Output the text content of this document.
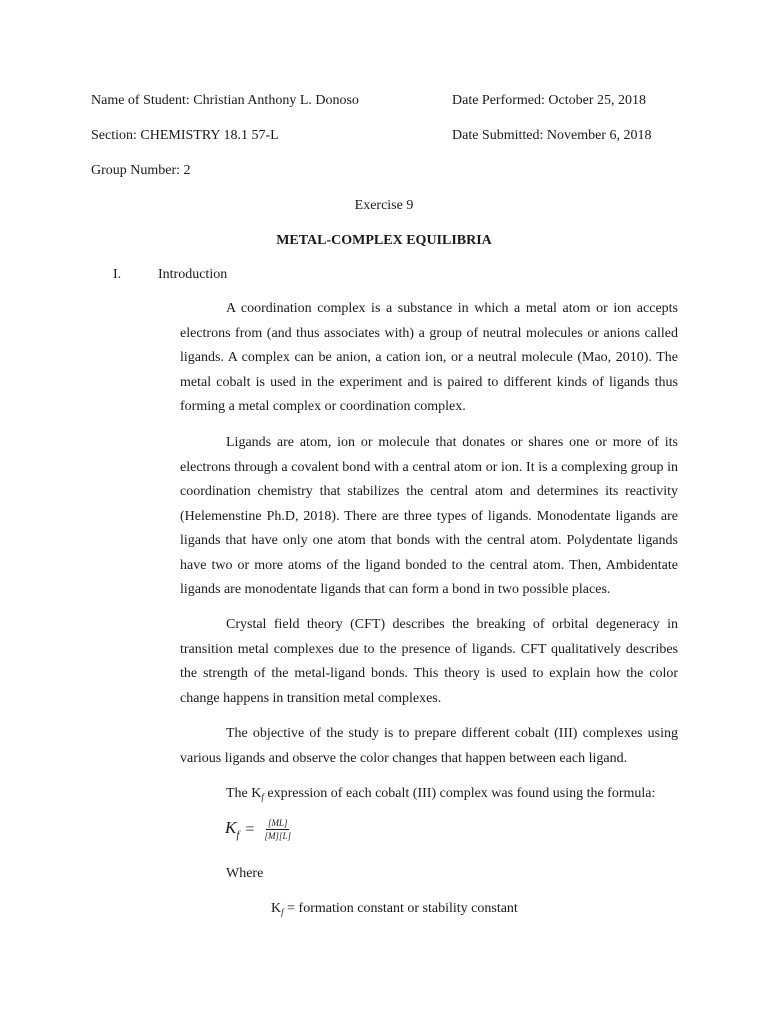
Name of Student: Christian Anthony L. Donoso	Date Performed: October 25, 2018
Section: CHEMISTRY 18.1 57-L	Date Submitted: November 6, 2018
Group Number: 2
Exercise 9
METAL-COMPLEX EQUILIBRIA
I.	Introduction

A coordination complex is a substance in which a metal atom or ion accepts electrons from (and thus associates with) a group of neutral molecules or anions called ligands. A complex can be anion, a cation ion, or a neutral molecule (Mao, 2010). The metal cobalt is used in the experiment and is paired to different kinds of ligands thus forming a metal complex or coordination complex.

Ligands are atom, ion or molecule that donates or shares one or more of its electrons through a covalent bond with a central atom or ion. It is a complexing group in coordination chemistry that stabilizes the central atom and determines its reactivity (Helemenstine Ph.D, 2018). There are three types of ligands. Monodentate ligands are ligands that have only one atom that bonds with the central atom. Polydentate ligands have two or more atoms of the ligand bonded to the central atom. Then, Ambidentate ligands are monodentate ligands that can form a bond in two possible places.

Crystal field theory (CFT) describes the breaking of orbital degeneracy in transition metal complexes due to the presence of ligands. CFT qualitatively describes the strength of the metal-ligand bonds. This theory is used to explain how the color change happens in transition metal complexes.

The objective of the study is to prepare different cobalt (III) complexes using various ligands and observe the color changes that happen between each ligand.

The $K_f$ expression of each cobalt (III) complex was found using the formula:
$K_f = \frac{[ML]}{[M][L]}$
Where
$K_f$ = formation constant or stability constant
